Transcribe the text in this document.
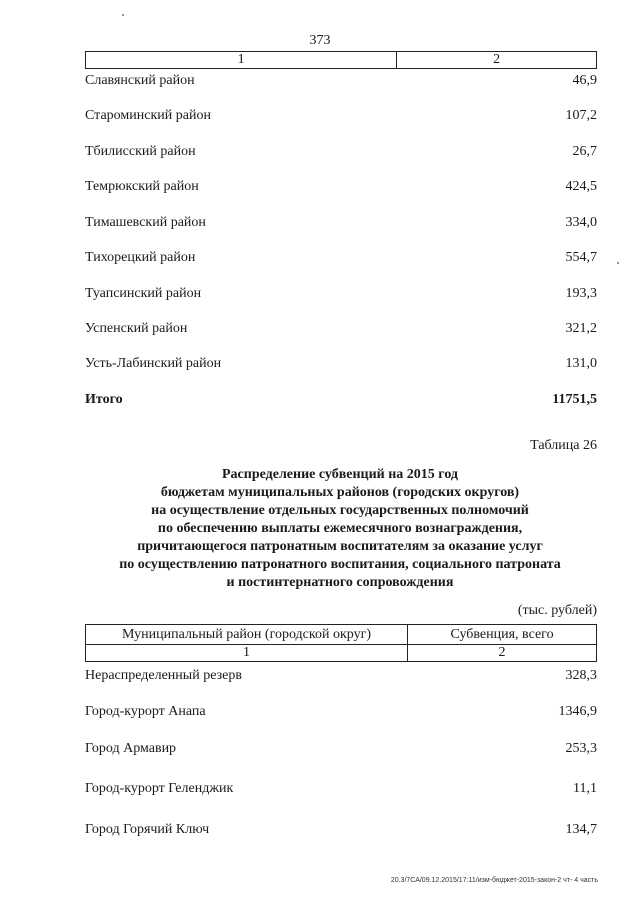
373
1	2
Славянский район	46,9
Староминский район	107,2
Тбилисский район	26,7
Темрюкский район	424,5
Тимашевский район	334,0
Тихорецкий район	554,7
Туапсинский район	193,3
Успенский район	321,2
Усть-Лабинский район	131,0
Итого	11751,5
Таблица 26
Распределение субвенций на 2015 год
бюджетам муниципальных районов (городских округов)
на осуществление отдельных государственных полномочий
по обеспечению выплаты ежемесячного вознаграждения,
причитающегося патронатным воспитателям за оказание услуг
по осуществлению патронатного воспитания, социального патроната
и постинтернатного сопровождения
(тыс. рублей)
Муниципальный район (городской округ)	Субвенция, всего
1	2
Нераспределенный резерв	328,3
Город-курорт Анапа	1346,9
Город Армавир	253,3
Город-курорт Геленджик	11,1
Город Горячий Ключ	134,7
20.3/7СА/09.12.2015/17:11/изм-бюджет-2015-закон-2 чт- 4 часть
